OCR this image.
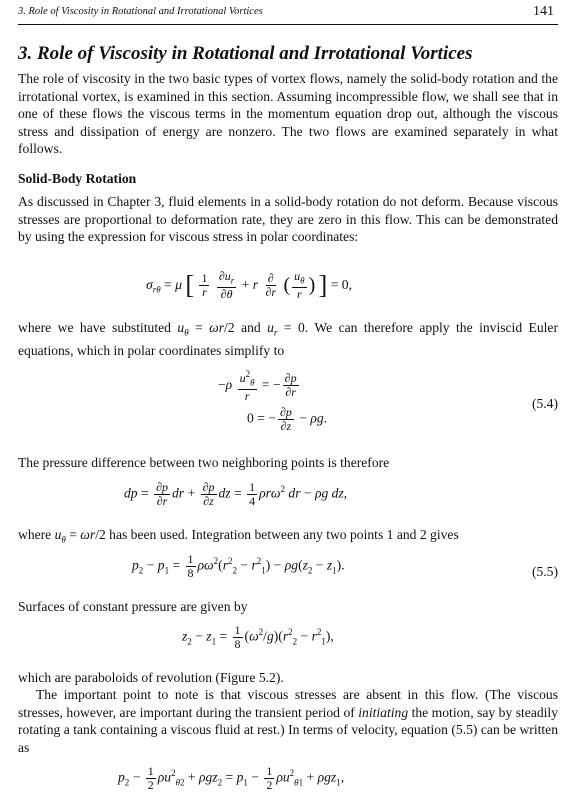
3. Role of Viscosity in Rotational and Irrotational Vortices	141
3. Role of Viscosity in Rotational and Irrotational Vortices

The role of viscosity in the two basic types of vortex flows, namely the solid-body rotation and the irrotational vortex, is examined in this section. Assuming incompressible flow, we shall see that in one of these flows the viscous terms in the momentum equation drop out, although the viscous stress and dissipation of energy are nonzero. The two flows are examined separately in what follows.

Solid-Body Rotation

As discussed in Chapter 3, fluid elements in a solid-body rotation do not deform. Because viscous stresses are proportional to deformation rate, they are zero in this flow. This can be demonstrated by using the expression for viscous stress in polar coordinates:

$\sigma_{r\theta} = \mu$ [ $\frac{1}{r}$
$\frac{\partial u_r}{\partial\theta} + r \frac{\partial}{\partial r}$ ( $\frac{u_\theta}{r}$ ) ] = 0,

where we have substituted $u_\theta = \omega r/2$ and $u_r = 0$. We can therefore apply the inviscid Euler equations, which in polar coordinates simplify to

$-\rho \frac{u^2_\theta}{r}$ = − $\frac{\partial p}{\partial r}$
0 = − $\frac{\partial p}{\partial z} - \rho g$.
(5.4)

The pressure difference between two neighboring points is therefore

dp = $\frac{\partial p}{\partial r}$ dr + $\frac{\partial p}{\partial z}$ dz = $\frac{1}{4} \rho r\omega^2$ dr − ρg dz,

where $u_\theta = \omega r/2$ has been used. Integration between any two points 1 and 2 gives

$p_2 - p_1 = \frac{1}{8} \rho\omega^2(r^2_2 - r^2_1) - \rho g(z_2 - z_1)$.	(5.5)

Surfaces of constant pressure are given by

$z_2 - z_1 = \frac{1}{8} (\omega^2/g)(r^2_2 - r^2_1)$,

which are paraboloids of revolution (Figure 5.2).

The important point to note is that viscous stresses are absent in this flow. (The viscous stresses, however, are important during the transient period of initiating the motion, say by steadily rotating a tank containing a viscous fluid at rest.) In terms of velocity, equation (5.5) can be written as

$p_2 - \frac{1}{2} \rho u^2_{\theta 2} + \rho gz_2 = p_1 - \frac{1}{2} \rho u^2_{\theta 1} + \rho gz_1$,
